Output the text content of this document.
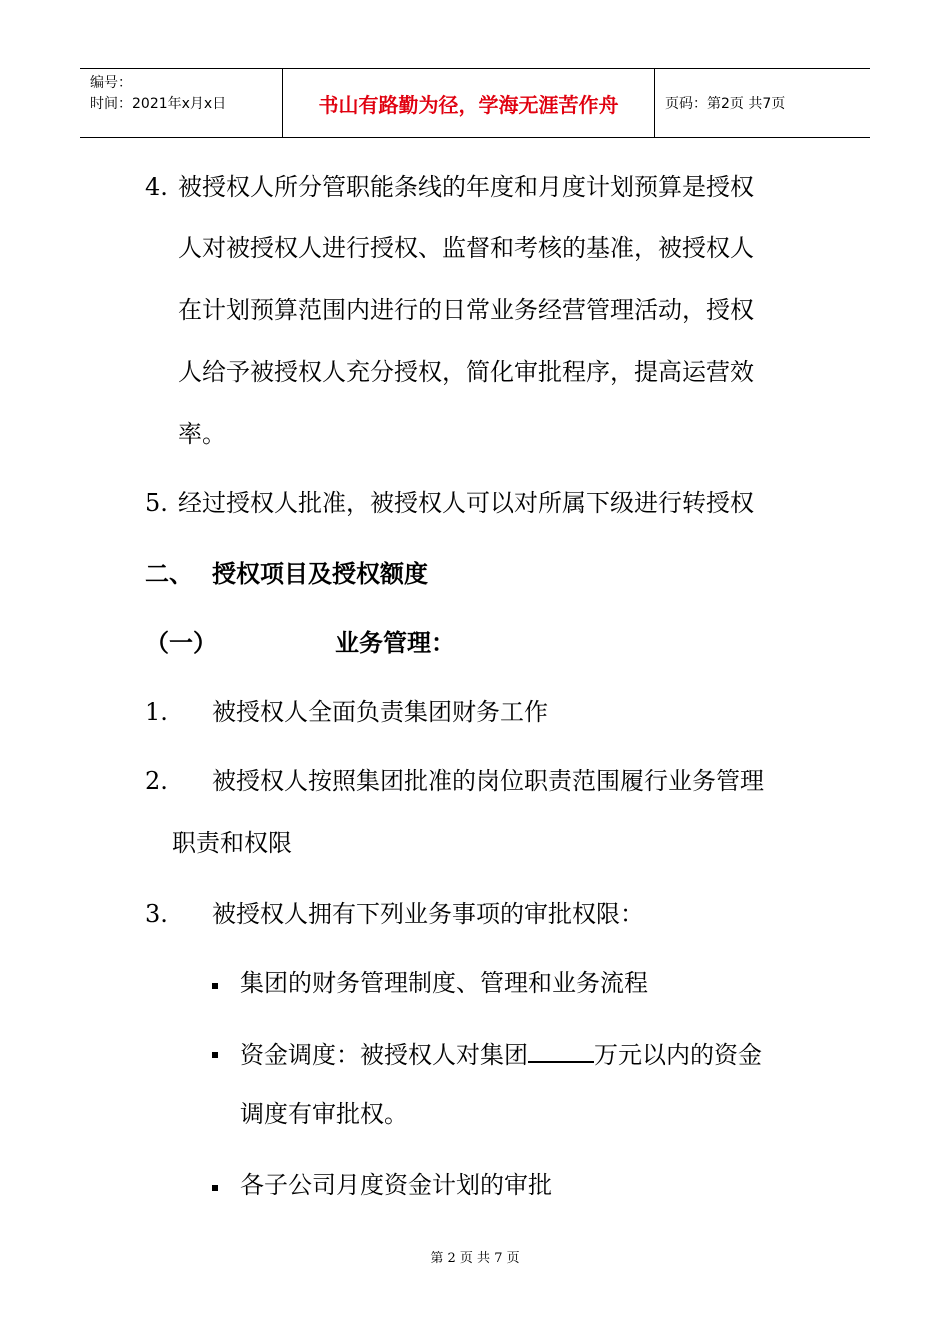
编号：
时间：2021年x月x日	书山有路勤为径，学海无涯苦作舟	页码：第2页 共7页
4. 被授权人所分管职能条线的年度和月度计划预算是授权
人对被授权人进行授权、监督和考核的基准，被授权人
在计划预算范围内进行的日常业务经营管理活动，授权
人给予被授权人充分授权，简化审批程序，提高运营效
率。
5. 经过授权人批准，被授权人可以对所属下级进行转授权
二、 授权项目及授权额度
（一）	业务管理：
1. 被授权人全面负责集团财务工作
2. 被授权人按照集团批准的岗位职责范围履行业务管理
职责和权限
3. 被授权人拥有下列业务事项的审批权限：
集团的财务管理制度、管理和业务流程
资金调度：被授权人对集团	万元以内的资金
调度有审批权。
各子公司月度资金计划的审批
第 2 页 共 7 页
